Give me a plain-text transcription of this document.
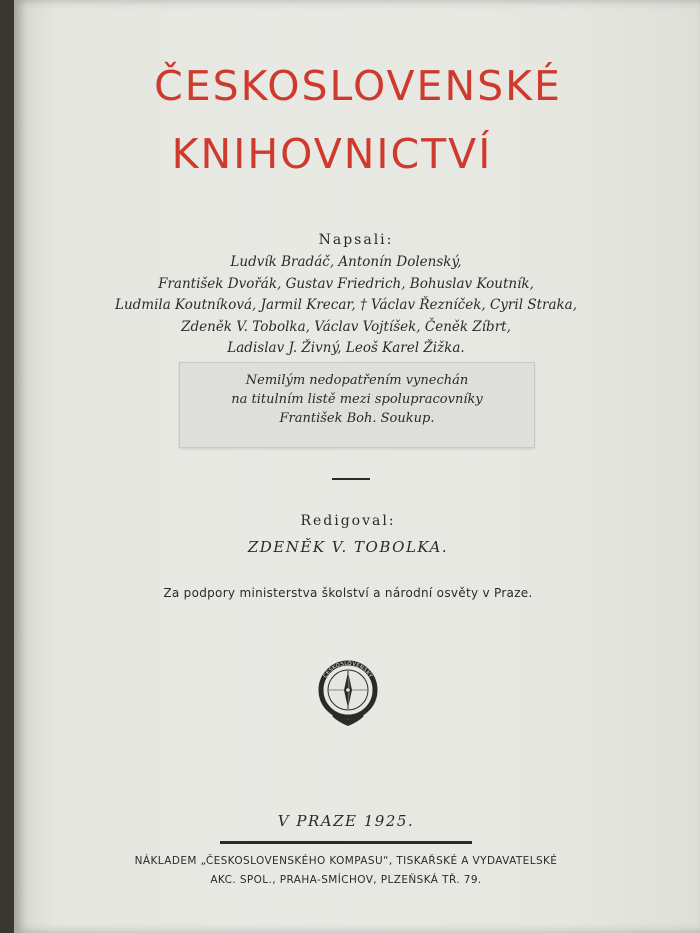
ČESKOSLOVENSKÉ
KNIHOVNICTVÍ
Napsali:
Ludvík Bradáč, Antonín Dolenský,
František Dvořák, Gustav Friedrich, Bohuslav Koutník,
Ludmila Koutníková, Jarmil Krecar, † Václav Řezníček, Cyril Straka,
Zdeněk V. Tobolka, Václav Vojtíšek, Čeněk Zíbrt,
Ladislav J. Živný, Leoš Karel Žižka.
Nemilým nedopatřením vynechán
na titulním listě mezi spolupracovníky
František Boh. Soukup.
Redigoval:
ZDENĚK V. TOBOLKA.
Za podpory ministerstva školství a národní osvěty v Praze.
ČESKOSLOVENSKÝ
V PRAZE 1925.
NÁKLADEM „ČESKOSLOVENSKÉHO KOMPASU“, TISKAŘSKÉ A VYDAVATELSKÉ
AKC. SPOL., PRAHA-SMÍCHOV, PLZEŇSKÁ TŘ. 79.
